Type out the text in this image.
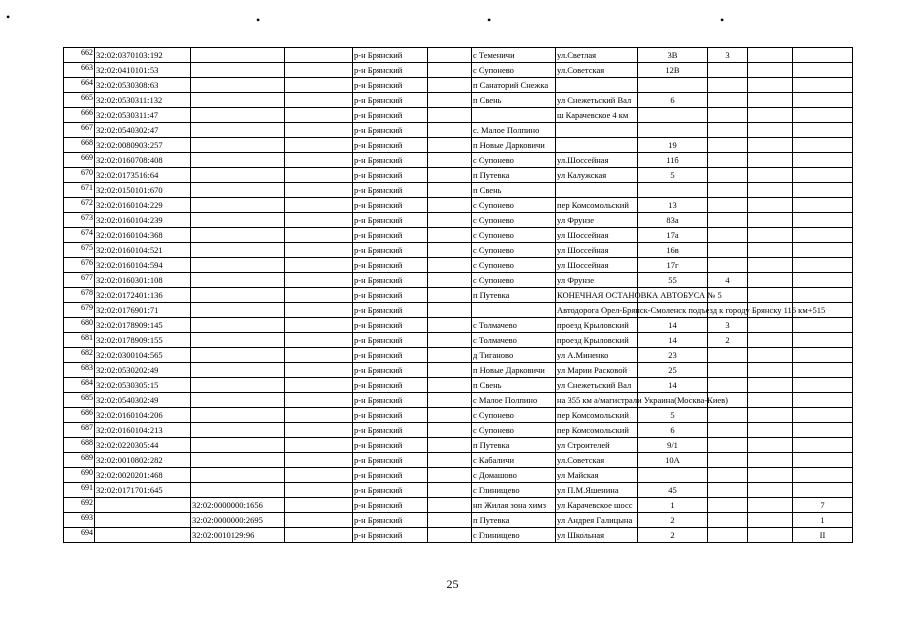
•	•	•	•
662	32:02:0370103:192			р-н Брянский		с Теменичи	ул.Светлая	3В	3		
663	32:02:0410101:53			р-н Брянский		с Супонево	ул.Советская	12В			
664	32:02:0530308:63			р-н Брянский		п Санаторий Снежка					
665	32:02:0530311:132			р-н Брянский		п Свень	ул Снежетьский Вал	6			
666	32:02:0530311:47			р-н Брянский			ш Карачевское 4 км				
667	32:02:0540302:47			р-н Брянский		с. Малое Полпино					
668	32:02:0080903:257			р-н Брянский		п Новые Дарковичи		19			
669	32:02:0160708:408			р-н Брянский		с Супонево	ул.Шоссейная	11б			
670	32:02:0173516:64			р-н Брянский		п Путевка	ул Калужская	5			
671	32:02:0150101:670			р-н Брянский		п Свень					
672	32:02:0160104:229			р-н Брянский		с Супонево	пер Комсомольский	13			
673	32:02:0160104:239			р-н Брянский		с Супонево	ул Фрунзе	83а			
674	32:02:0160104:368			р-н Брянский		с Супонево	ул Шоссейная	17а			
675	32:02:0160104:521			р-н Брянский		с Супонево	ул Шоссейная	16в			
676	32:02:0160104:594			р-н Брянский		с Супонево	ул Шоссейная	17г			
677	32:02:0160301:108			р-н Брянский		с Супонево	ул Фрунзе	55	4		
678	32:02:0172401:136			р-н Брянский		п Путевка	КОНЕЧНАЯ ОСТАНОВКА АВТОБУСА № 5				
679	32:02:0176901:71			р-н Брянский			Автодорога Орел-Брянск-Смоленск подъезд к городу Брянску 116 км+515				
680	32:02:0178909:145			р-н Брянский		с Толмачево	проезд Крыловский	14	3		
681	32:02:0178909:155			р-н Брянский		с Толмачево	проезд Крыловский	14	2		
682	32:02:0300104:565			р-н Брянский		д Тиганово	ул А.Миненко	23			
683	32:02:0530202:49			р-н Брянский		п Новые Дарковичи	ул Марии Расковой	25			
684	32:02:0530305:15			р-н Брянский		п Свень	ул Снежетьский Вал	14			
685	32:02:0540302:49			р-н Брянский		с Малое Полпино	на 355 км а/магистрали Украина(Москва-Киев)				
686	32:02:0160104:206			р-н Брянский		с Супонево	пер Комсомольский	5			
687	32:02:0160104:213			р-н Брянский		с Супонево	пер Комсомольский	6			
688	32:02:0220305:44			р-н Брянский		п Путевка	ул Строителей	9/1			
689	32:02:0010802:282			р-н Брянский		с Кабаличи	ул.Советская	10А			
690	32:02:0020201:468			р-н Брянский		с Домашово	ул Майская				
691	32:02:0171701:645			р-н Брянский		с Глинищево	ул П.М.Яшенина	45			
692		32:02:0000000:1656		р-н Брянский		нп Жилая зона химз	ул Карачевское шосс	1			7
693		32:02:0000000:2695		р-н Брянский		п Путевка	ул Андрея Галицына	2			1
694		32:02:0010129:96		р-н Брянский		с Глинищево	ул Школьная	2			II
25
